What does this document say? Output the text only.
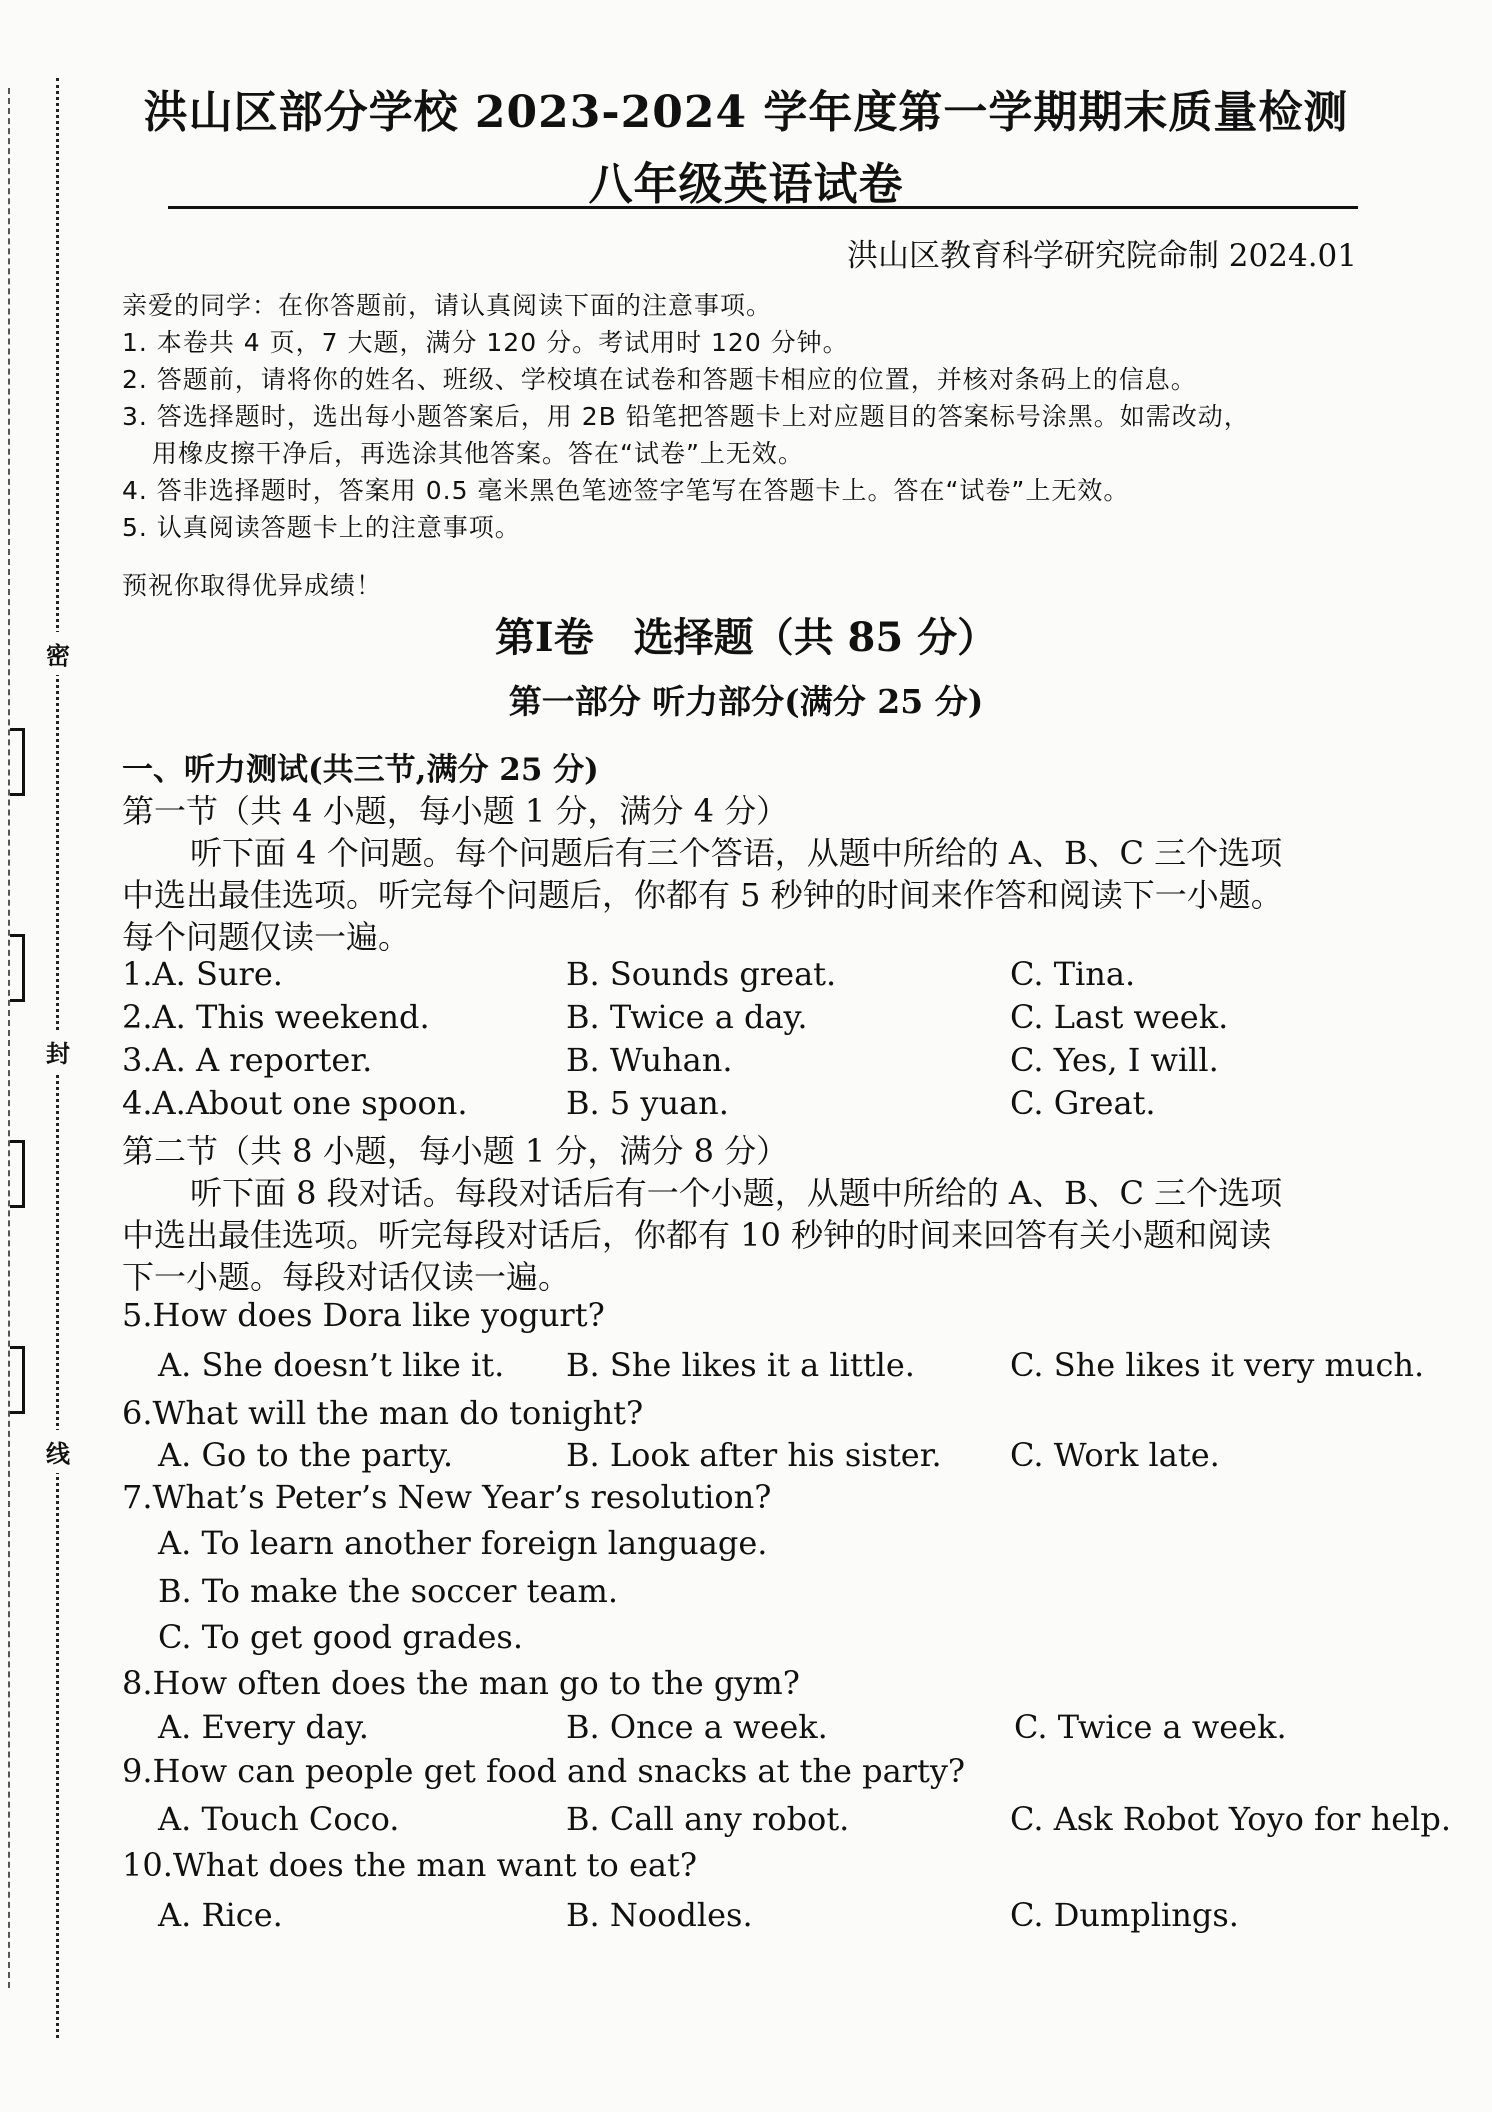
密
封
线
洪山区部分学校 2023-2024 学年度第一学期期末质量检测
八年级英语试卷
洪山区教育科学研究院命制 2024.01
亲爱的同学：在你答题前，请认真阅读下面的注意事项。
1. 本卷共 4 页，7 大题，满分 120 分。考试用时 120 分钟。
2. 答题前，请将你的姓名、班级、学校填在试卷和答题卡相应的位置，并核对条码上的信息。
3. 答选择题时，选出每小题答案后，用 2B 铅笔把答题卡上对应题目的答案标号涂黑。如需改动，
用橡皮擦干净后，再选涂其他答案。答在“试卷”上无效。
4. 答非选择题时，答案用 0.5 毫米黑色笔迹签字笔写在答题卡上。答在“试卷”上无效。
5. 认真阅读答题卡上的注意事项。
预祝你取得优异成绩！
第Ⅰ卷　选择题（共 85 分）
第一部分 听力部分(满分 25 分)
一、听力测试(共三节,满分 25 分)
第一节（共 4 小题，每小题 1 分，满分 4 分）
听下面 4 个问题。每个问题后有三个答语，从题中所给的 A、B、C 三个选项
中选出最佳选项。听完每个问题后，你都有 5 秒钟的时间来作答和阅读下一小题。
每个问题仅读一遍。
1.A. Sure.	B. Sounds great.	C. Tina.
2.A. This weekend.	B. Twice a day.	C. Last week.
3.A. A reporter.	B. Wuhan.	C. Yes, I will.
4.A.About one spoon.	B. 5 yuan.	C. Great.
第二节（共 8 小题，每小题 1 分，满分 8 分）
听下面 8 段对话。每段对话后有一个小题，从题中所给的 A、B、C 三个选项
中选出最佳选项。听完每段对话后，你都有 10 秒钟的时间来回答有关小题和阅读
下一小题。每段对话仅读一遍。
5.How does Dora like yogurt?
A. She doesn’t like it. B. She likes it a little.	C. She likes it very much.
6.What will the man do tonight?
A. Go to the party.	B. Look after his sister. C. Work late.
7.What’s Peter’s New Year’s resolution?
A. To learn another foreign language.
B. To make the soccer team.
C. To get good grades.
8.How often does the man go to the gym?
A. Every day.	B. Once a week.	C. Twice a week.
9.How can people get food and snacks at the party?
A. Touch Coco.	B. Call any robot.	C. Ask Robot Yoyo for help.
10.What does the man want to eat?
A. Rice.	B. Noodles.	C. Dumplings.
